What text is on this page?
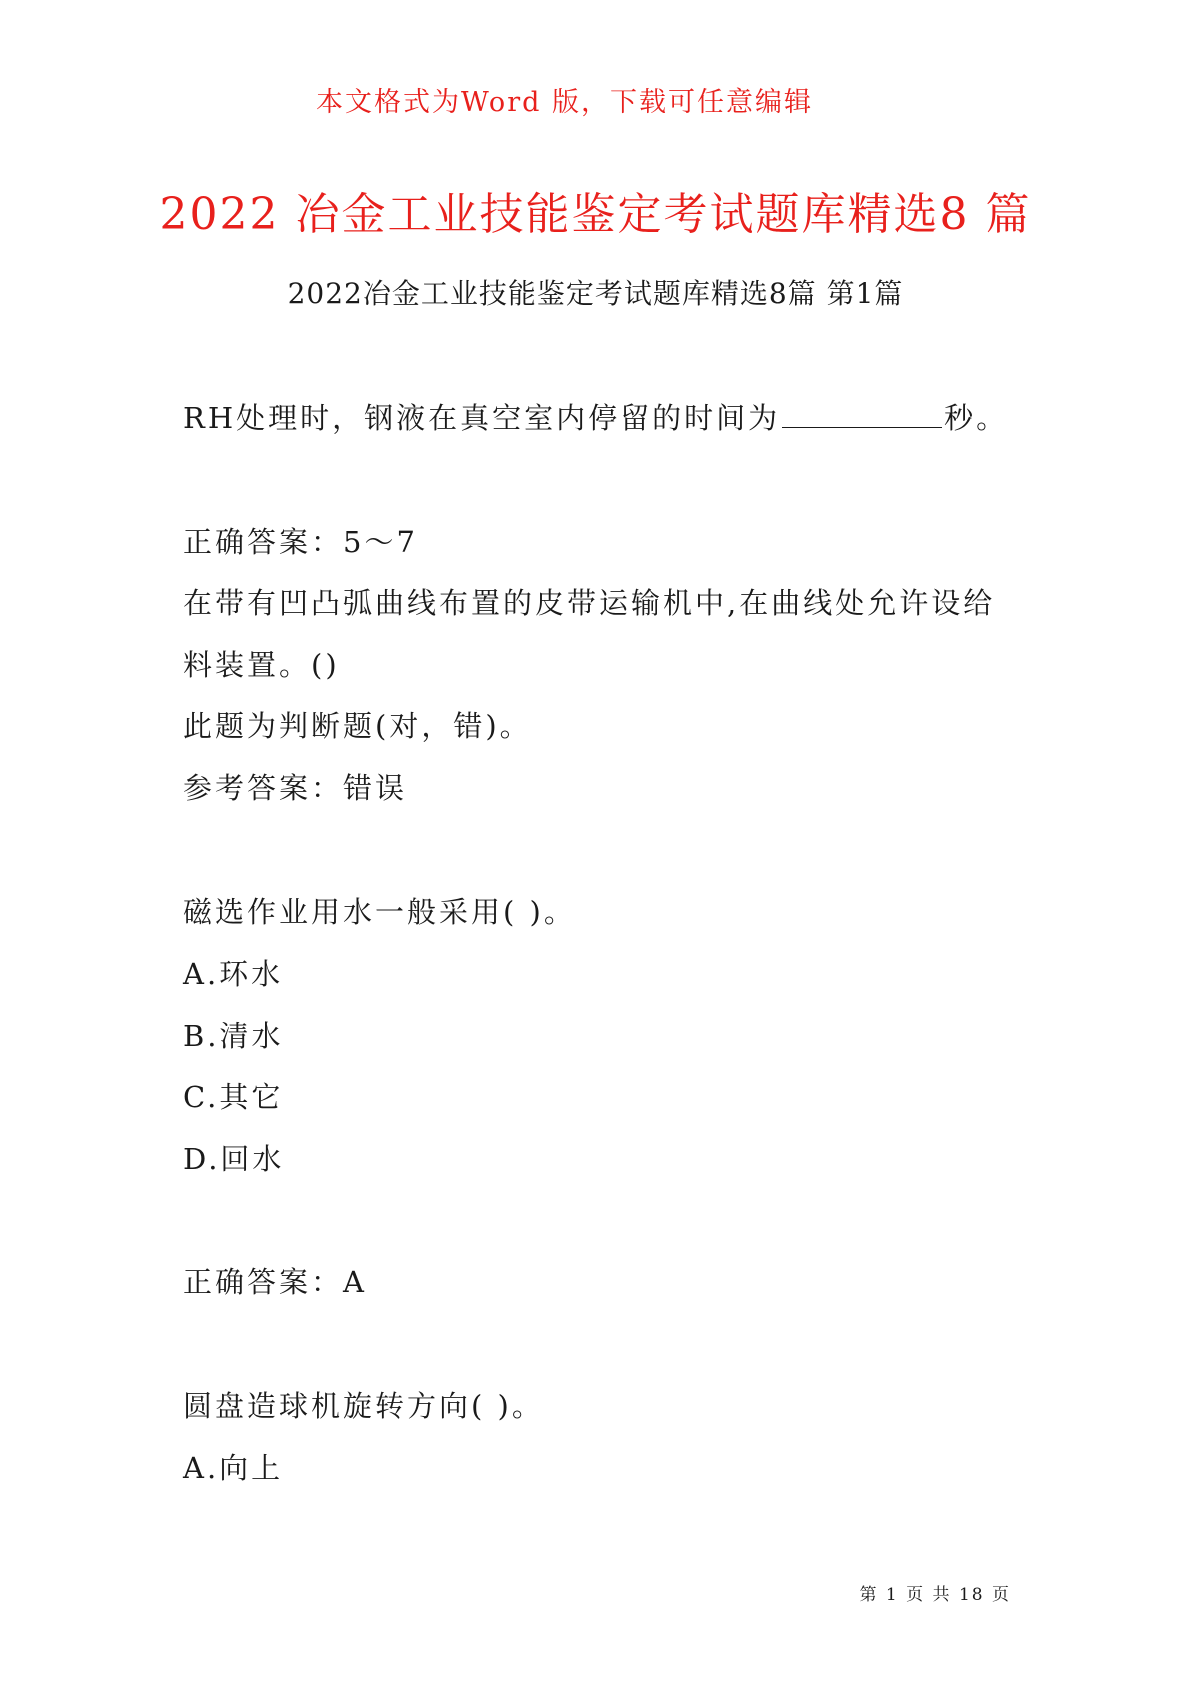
本文格式为Word 版，下载可任意编辑
2022 冶金工业技能鉴定考试题库精选8 篇
2022冶金工业技能鉴定考试题库精选8篇 第1篇
RH处理时，钢液在真空室内停留的时间为	秒。
正确答案：5～7
在带有凹凸弧曲线布置的皮带运输机中,在曲线处允许设给
料装置。()
此题为判断题(对，错)。
参考答案：错误
磁选作业用水一般采用( )。
A.环水
B.清水
C.其它
D.回水
正确答案：A
圆盘造球机旋转方向( )。
A.向上
第 1 页 共 18 页
